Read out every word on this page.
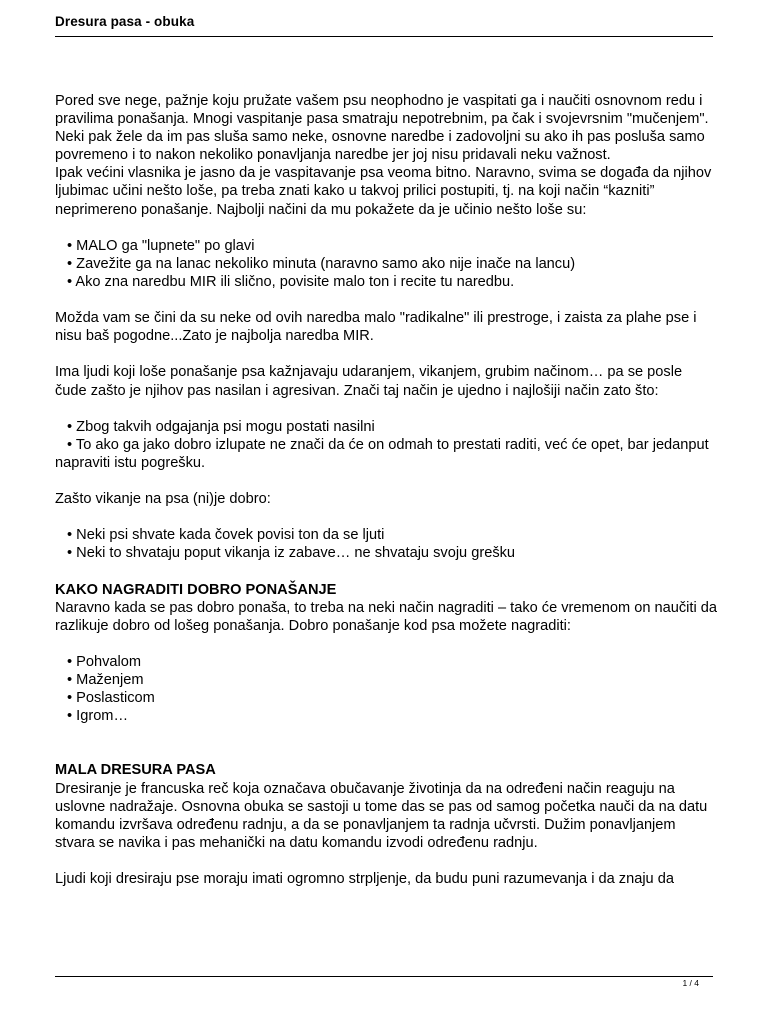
Dresura pasa - obuka

Pored sve nege, pažnje koju pružate vašem psu neophodno je vaspitati ga i naučiti osnovnom redu i pravilima ponašanja. Mnogi vaspitanje pasa smatraju nepotrebnim, pa čak i svojevrsnim "mučenjem". Neki pak žele da im pas sluša samo neke, osnovne naredbe i zadovoljni su ako ih pas posluša samo povremeno i to nakon nekoliko ponavljanja naredbe jer joj nisu pridavali neku važnost.

Ipak većini vlasnika je jasno da je vaspitavanje psa veoma bitno. Naravno, svima se događa da njihov ljubimac učini nešto loše, pa treba znati kako u takvoj prilici postupiti, tj. na koji način “kazniti” neprimereno ponašanje. Najbolji načini da mu pokažete da je učinio nešto loše su:

• MALO ga "lupnete" po glavi
• Zavežite ga na lanac nekoliko minuta (naravno samo ako nije inače na lancu)
• Ako zna naredbu MIR ili slično, povisite malo ton i recite tu naredbu.

Možda vam se čini da su neke od ovih naredba malo "radikalne" ili prestroge, i zaista za plahe pse i nisu baš pogodne...Zato je najbolja naredba MIR.

Ima ljudi koji loše ponašanje psa kažnjavaju udaranjem, vikanjem, grubim načinom… pa se posle čude zašto je njihov pas nasilan i agresivan. Znači taj način je ujedno i najlošiji način zato što:

• Zbog takvih odgajanja psi mogu postati nasilni
• To ako ga jako dobro izlupate ne znači da će on odmah to prestati raditi, već će opet, bar jedanput napraviti istu pogrešku.

Zašto vikanje na psa (ni)je dobro:

• Neki psi shvate kada čovek povisi ton da se ljuti
• Neki to shvataju poput vikanja iz zabave… ne shvataju svoju grešku

KAKO NAGRADITI DOBRO PONAŠANJE

Naravno kada se pas dobro ponaša, to treba na neki način nagraditi – tako će vremenom on naučiti da razlikuje dobro od lošeg ponašanja. Dobro ponašanje kod psa možete nagraditi:

• Pohvalom
• Maženjem
• Poslasticom
• Igrom…

MALA DRESURA PASA

Dresiranje je francuska reč koja označava obučavanje životinja da na određeni način reaguju na uslovne nadražaje. Osnovna obuka se sastoji u tome das se pas od samog početka nauči da na datu komandu izvršava određenu radnju, a da se ponavljanjem ta radnja učvrsti. Dužim ponavljanjem stvara se navika i pas mehanički na datu komandu izvodi određenu radnju.

Ljudi koji dresiraju pse moraju imati ogromno strpljenje, da budu puni razumevanja i da znaju da

1 / 4
